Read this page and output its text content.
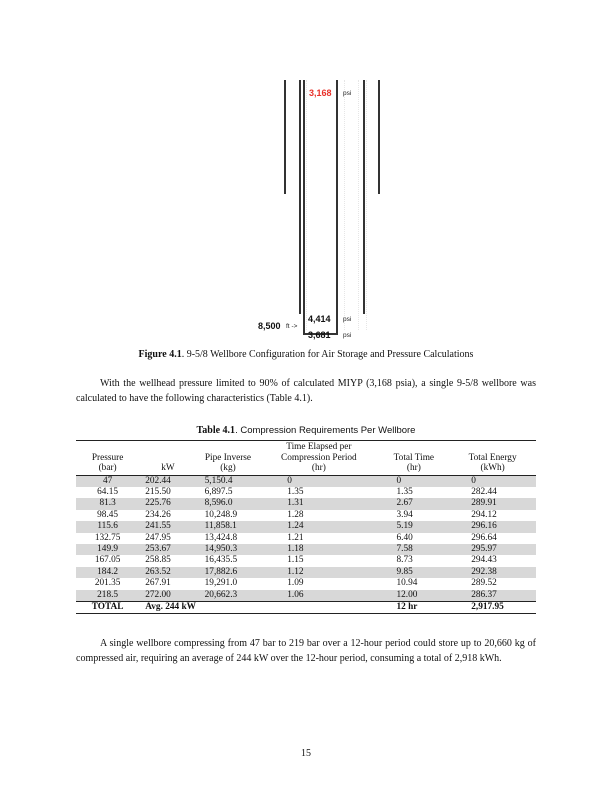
3,168 psi
8,500 ft ->
4,414 psi
3,681 psi
Figure 4.1. 9-5/8 Wellbore Configuration for Air Storage and Pressure Calculations
With the wellhead pressure limited to 90% of calculated MIYP (3,168 psia), a single 9-5/8 wellbore was calculated to have the following characteristics (Table 4.1).
Table 4.1. Compression Requirements Per Wellbore
			Time Elapsed per		
Pressure		Pipe Inverse	Compression Period	Total Time	Total Energy
(bar)	kW	(kg)	(hr)	(hr)	(kWh)
47	202.44	5,150.4	0	0	0
64.15	215.50	6,897.5	1.35	1.35	282.44
81.3	225.76	8,596.0	1.31	2.67	289.91
98.45	234.26	10,248.9	1.28	3.94	294.12
115.6	241.55	11,858.1	1.24	5.19	296.16
132.75	247.95	13,424.8	1.21	6.40	296.64
149.9	253.67	14,950.3	1.18	7.58	295.97
167.05	258.85	16,435.5	1.15	8.73	294.43
184.2	263.52	17,882.6	1.12	9.85	292.38
201.35	267.91	19,291.0	1.09	10.94	289.52
218.5	272.00	20,662.3	1.06	12.00	286.37
TOTAL	Avg. 244 kW			12 hr	2,917.95
A single wellbore compressing from 47 bar to 219 bar over a 12-hour period could store up to 20,660 kg of compressed air, requiring an average of 244 kW over the 12-hour period, consuming a total of 2,918 kWh.
15
